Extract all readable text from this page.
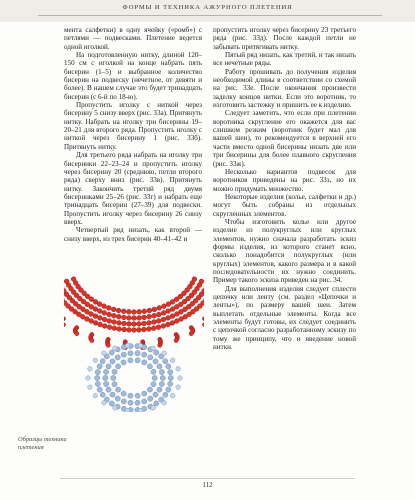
ФОРМЫ И ТЕХНИКА АЖУРНОГО ПЛЕТЕНИЯ

мента салфетки) в одну ячейку («ромб») с петлями — подвесками. Плетение ведется одной иголкой.

На подготовленную нитку, длиной 120–150 см с иголкой на конце набрать пять бисерин (1–5) и выбранное количество бисерин на подвеску (нечетное, от девяти и более). В нашем случае это будет тринадцать бисерин (с 6-й по 18-ю).

Пропустить иголку с ниткой через бисерину 5 снизу вверх (рис. 33а). Притянуть нитку. Набрать на иголку три бисерины 19–20–21 для второго ряда. Пропустить иголку с ниткой через бисерину 1 (рис. 33б). Притянуть нитку.

Для третьего ряда набрать на иголку три бисеринки 22–23–24 и пропустить иголку через бисерину 20 (среднюю, петли второго ряда) сверху вниз (рис. 33в). Притянуть нитку. Закончить третий ряд двумя бисеринками 25–26 (рис. 33г) и набрать еще тринадцать бисерин (27–39) для подвески. Пропустить иголку через бисерину 26 снизу вверх.

Четвертый ряд низать, как второй — снизу вверх, из трех бисерин 40–41–42 и

пропустить иголку через бисерину 23 третьего ряда (рис. 33д). После каждой петли не забывать притягивать нитку.

Пятый ряд низать, как третий, и так низать все нечетные ряды.

Работу прошивать до получения изделия необходимой длины в соответствии со схемой на рис. 33е. После окончания произвести заделку концов нитки. Если это воротник, то изготовить застежку и пришить ее к изделию.

Следует заметить, что если при плетении воротника скругление его окажется для вас слишком резким (воротник будет мал для вашей шеи), то рекомендуется в верхней его части вместо одной бисерины низать две или три бисерины для более плавного скругления (рис. 33ж).

Несколько вариантов подвесок для воротников приведены на рис. 33з, но их можно придумать множество.

Некоторые изделия (колье, салфетки и др.) могут быть собраны из отдельных скругленных элементов.

Чтобы изготовить колье или другое изделие из полукруглых или круглых элементов, нужно сначала разработать эскиз формы изделия, из которого станет ясно, сколько понадобится полукруглых (или круглых) элементов, какого размера и в какой последовательности их нужно соединить. Пример такого эскиза приведен на рис. 34.

Для выполнения изделия следует сплести цепочку или ленту (см. раздел «Цепочки и ленты»), по размеру вашей шеи. Затем выплетать отдельные элементы. Когда все элементы будут готовы, их следует соединить с цепочкой согласно разработанному эскизу по тому же принципу, что и введение новой нитки.

Образцы техники плетения
112
